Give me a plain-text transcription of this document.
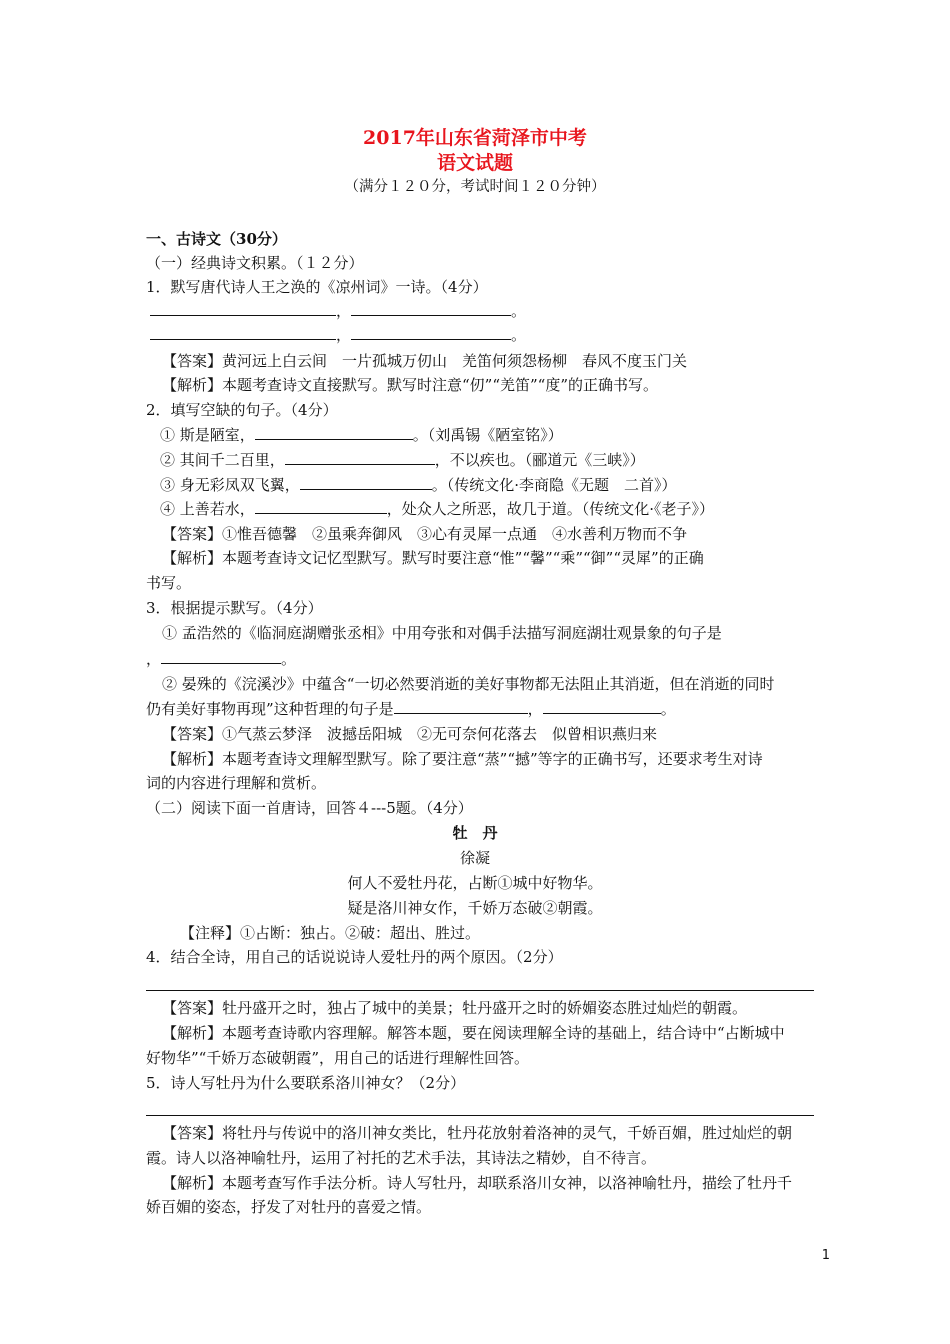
2017年山东省菏泽市中考
语文试题
（满分１２０分，考试时间１２０分钟）
一、古诗文（30分）
（一）经典诗文积累。（１２分）
1．默写唐代诗人王之涣的《凉州词》一诗。（4分）
，	。
，	。
【答案】黄河远上白云间　一片孤城万仞山　羌笛何须怨杨柳　春风不度玉门关
【解析】本题考查诗文直接默写。默写时注意“仞”“羌笛”“度”的正确书写。
2．填写空缺的句子。（4分）
① 斯是陋室，	。（刘禹锡《陋室铭》）
② 其间千二百里，	，不以疾也。（郦道元《三峡》）
③ 身无彩凤双飞翼，	。（传统文化·李商隐《无题　二首》）
④ 上善若水，	，处众人之所恶，故几于道。（传统文化·《老子》）
【答案】①惟吾德馨　②虽乘奔御风　③心有灵犀一点通　④水善利万物而不争
【解析】本题考查诗文记忆型默写。默写时要注意“惟”“馨”“乘”“御”“灵犀”的正确
书写。
3．根据提示默写。（4分）
① 孟浩然的《临洞庭湖赠张丞相》中用夸张和对偶手法描写洞庭湖壮观景象的句子是
，	。
② 晏殊的《浣溪沙》中蕴含“一切必然要消逝的美好事物都无法阻止其消逝，但在消逝的同时
仍有美好事物再现”这种哲理的句子是	，	。
【答案】①气蒸云梦泽　波撼岳阳城　②无可奈何花落去　似曾相识燕归来
【解析】本题考查诗文理解型默写。除了要注意“蒸”“撼”等字的正确书写，还要求考生对诗
词的内容进行理解和赏析。
（二）阅读下面一首唐诗，回答４---5题。（4分）
牡　丹
徐凝
何人不爱牡丹花，占断①城中好物华。
疑是洛川神女作，千娇万态破②朝霞。
【注释】①占断：独占。②破：超出、胜过。
4．结合全诗，用自己的话说说诗人爱牡丹的两个原因。（2分）
【答案】牡丹盛开之时，独占了城中的美景；牡丹盛开之时的娇媚姿态胜过灿烂的朝霞。
【解析】本题考查诗歌内容理解。解答本题，要在阅读理解全诗的基础上，结合诗中“占断城中
好物华”“千娇万态破朝霞”，用自己的话进行理解性回答。
5．诗人写牡丹为什么要联系洛川神女？（2分）
【答案】将牡丹与传说中的洛川神女类比，牡丹花放射着洛神的灵气，千娇百媚，胜过灿烂的朝
霞。诗人以洛神喻牡丹，运用了衬托的艺术手法，其诗法之精妙，自不待言。
【解析】本题考查写作手法分析。诗人写牡丹，却联系洛川女神，以洛神喻牡丹，描绘了牡丹千
娇百媚的姿态，抒发了对牡丹的喜爱之情。
1
